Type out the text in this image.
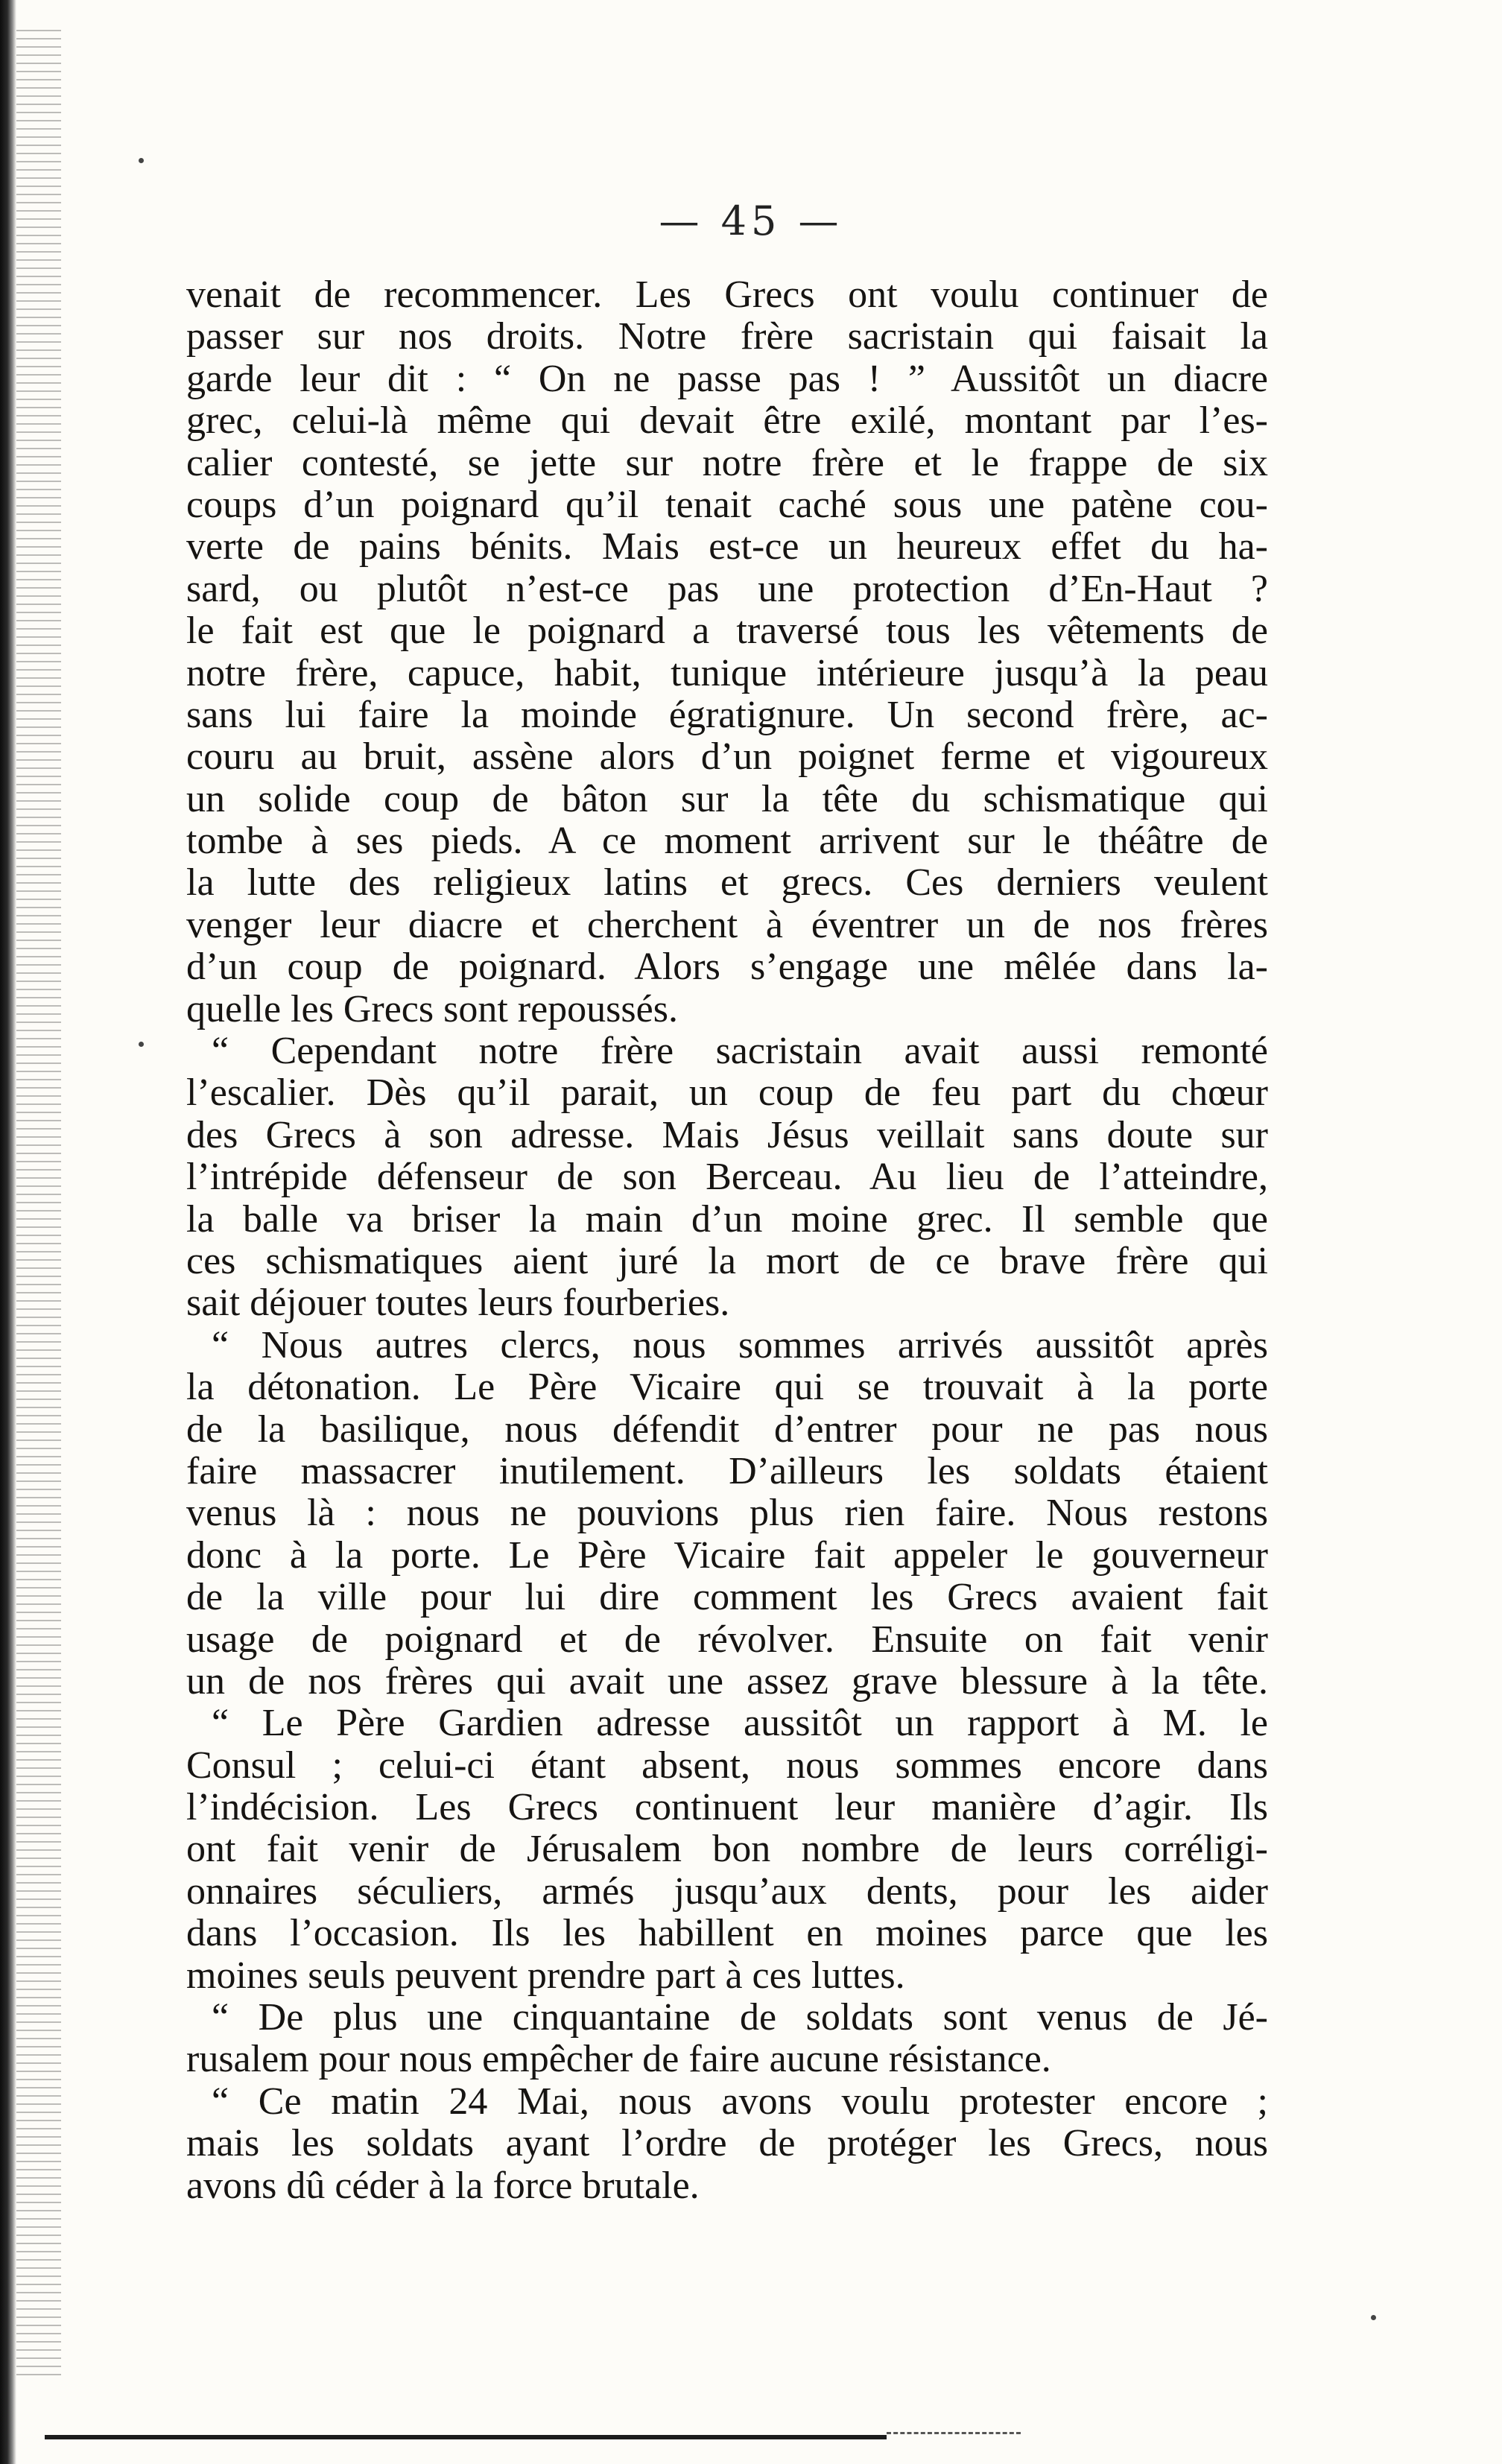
— 45 —
venait de recommencer. Les Grecs ont voulu continuer de
passer sur nos droits. Notre frère sacristain qui faisait la
garde leur dit : “ On ne passe pas ! ” Aussitôt un diacre
grec, celui-là même qui devait être exilé, montant par l’es-
calier contesté, se jette sur notre frère et le frappe de six
coups d’un poignard qu’il tenait caché sous une patène cou-
verte de pains bénits. Mais est-ce un heureux effet du ha-
sard, ou plutôt n’est-ce pas une protection d’En-Haut ?
le fait est que le poignard a traversé tous les vêtements de
notre frère, capuce, habit, tunique intérieure jusqu’à la peau
sans lui faire la moinde égratignure. Un second frère, ac-
couru au bruit, assène alors d’un poignet ferme et vigoureux
un solide coup de bâton sur la tête du schismatique qui
tombe à ses pieds. A ce moment arrivent sur le théâtre de
la lutte des religieux latins et grecs. Ces derniers veulent
venger leur diacre et cherchent à éventrer un de nos frères
d’un coup de poignard. Alors s’engage une mêlée dans la-
quelle les Grecs sont repoussés.
“ Cependant notre frère sacristain avait aussi remonté
l’escalier. Dès qu’il parait, un coup de feu part du chœur
des Grecs à son adresse. Mais Jésus veillait sans doute sur
l’intrépide défenseur de son Berceau. Au lieu de l’atteindre,
la balle va briser la main d’un moine grec. Il semble que
ces schismatiques aient juré la mort de ce brave frère qui
sait déjouer toutes leurs fourberies.
“ Nous autres clercs, nous sommes arrivés aussitôt après
la détonation. Le Père Vicaire qui se trouvait à la porte
de la basilique, nous défendit d’entrer pour ne pas nous
faire massacrer inutilement. D’ailleurs les soldats étaient
venus là : nous ne pouvions plus rien faire. Nous restons
donc à la porte. Le Père Vicaire fait appeler le gouverneur
de la ville pour lui dire comment les Grecs avaient fait
usage de poignard et de révolver. Ensuite on fait venir
un de nos frères qui avait une assez grave blessure à la tête.
“ Le Père Gardien adresse aussitôt un rapport à M. le
Consul ; celui-ci étant absent, nous sommes encore dans
l’indécision. Les Grecs continuent leur manière d’agir. Ils
ont fait venir de Jérusalem bon nombre de leurs corréligi-
onnaires séculiers, armés jusqu’aux dents, pour les aider
dans l’occasion. Ils les habillent en moines parce que les
moines seuls peuvent prendre part à ces luttes.
“ De plus une cinquantaine de soldats sont venus de Jé-
rusalem pour nous empêcher de faire aucune résistance.
“ Ce matin 24 Mai, nous avons voulu protester encore ;
mais les soldats ayant l’ordre de protéger les Grecs, nous
avons dû céder à la force brutale.
